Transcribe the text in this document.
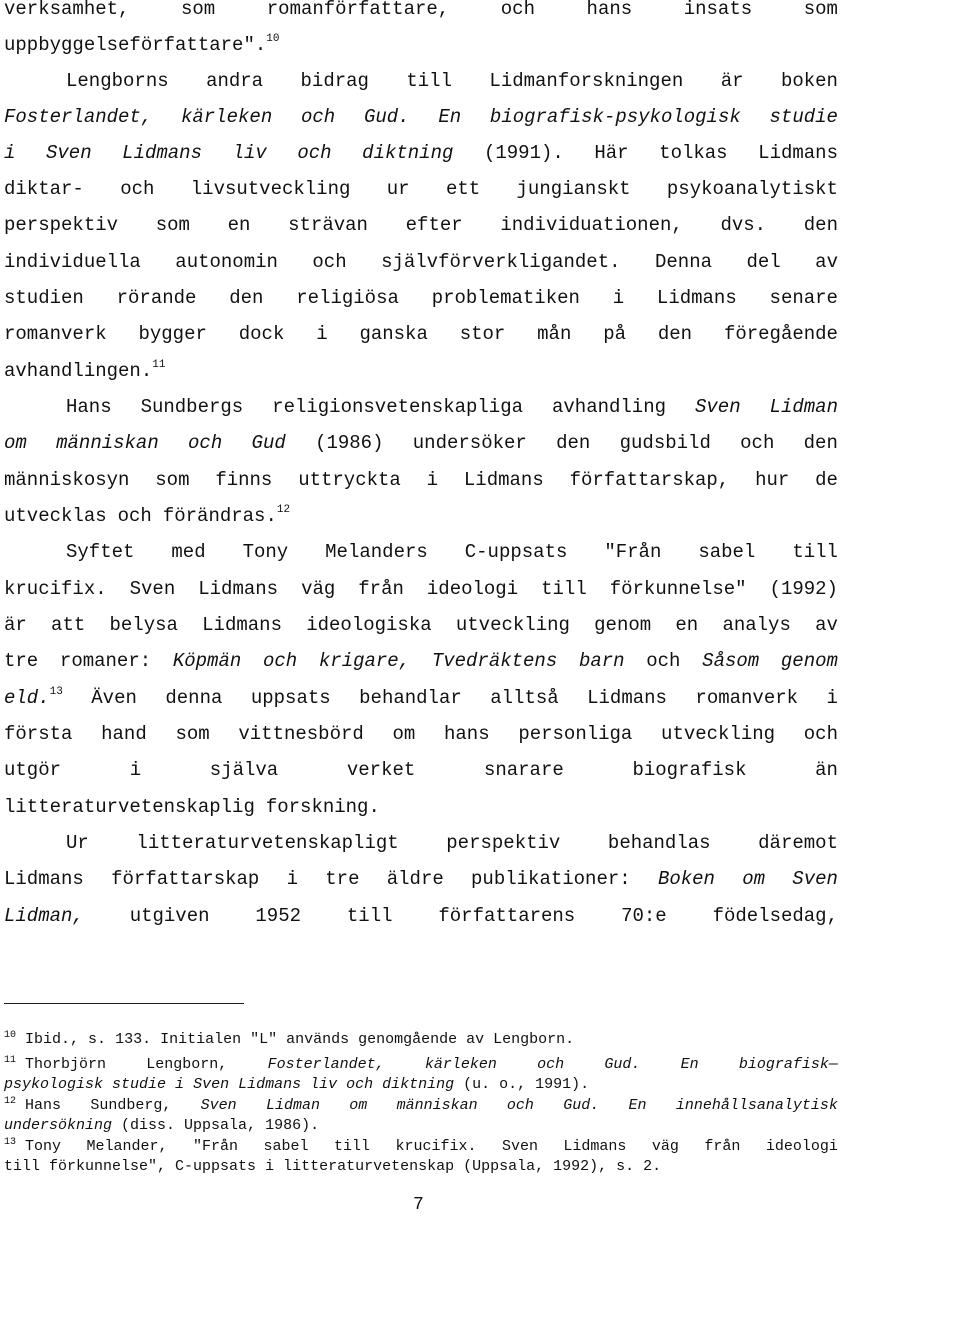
verksamhet,	som	romanförfattare,	och	hans	insats	som
uppbyggelseförfattare".$^{10}$
Lengborns andra bidrag till Lidmanforskningen är boken
Fosterlandet, kärleken och Gud. En biografisk-psykologisk studie
i Sven Lidmans liv och diktning (1991). Här tolkas Lidmans
diktar- och livsutveckling ur ett jungianskt psykoanalytiskt
perspektiv som en strävan efter individuationen, dvs. den
individuella autonomin och självförverkligandet. Denna del av
studien rörande den religiösa problematiken i Lidmans senare
romanverk bygger dock i ganska stor mån på den föregående
avhandlingen.$^{11}$
Hans Sundbergs religionsvetenskapliga avhandling Sven Lidman
om människan och Gud (1986) undersöker den gudsbild och den
människosyn som finns uttryckta i Lidmans författarskap, hur de
utvecklas och förändras.$^{12}$
Syftet med Tony Melanders C-uppsats "Från sabel till
krucifix. Sven Lidmans väg från ideologi till förkunnelse" (1992)
är att belysa Lidmans ideologiska utveckling genom en analys av
tre romaner: Köpmän och krigare, Tvedräktens barn och Såsom genom
eld.$^{13}$ Även denna uppsats behandlar alltså Lidmans romanverk i
första hand som vittnesbörd om hans personliga utveckling och
utgör	i	själva	verket	snarare	biografisk	än
litteraturvetenskaplig forskning.
Ur	litteraturvetenskapligt	perspektiv	behandlas	däremot
Lidmans författarskap i tre äldre publikationer: Boken om Sven
Lidman, utgiven 1952 till författarens 70:e födelsedag,
$^{10}$ Ibid., s. 133. Initialen "L" används genomgående av Lengborn.
$^{11}$ Thorbjörn	Lengborn,	Fosterlandet,	kärleken	och	Gud.	En	biografisk—
psykologisk studie i Sven Lidmans liv och diktning (u. o., 1991).
$^{12}$ Hans Sundberg, Sven Lidman om människan och Gud. En innehållsanalytisk
undersökning (diss. Uppsala, 1986).
$^{13}$ Tony Melander, "Från sabel till krucifix. Sven Lidmans väg från ideologi
till förkunnelse", C-uppsats i litteraturvetenskap (Uppsala, 1992), s. 2.
7
